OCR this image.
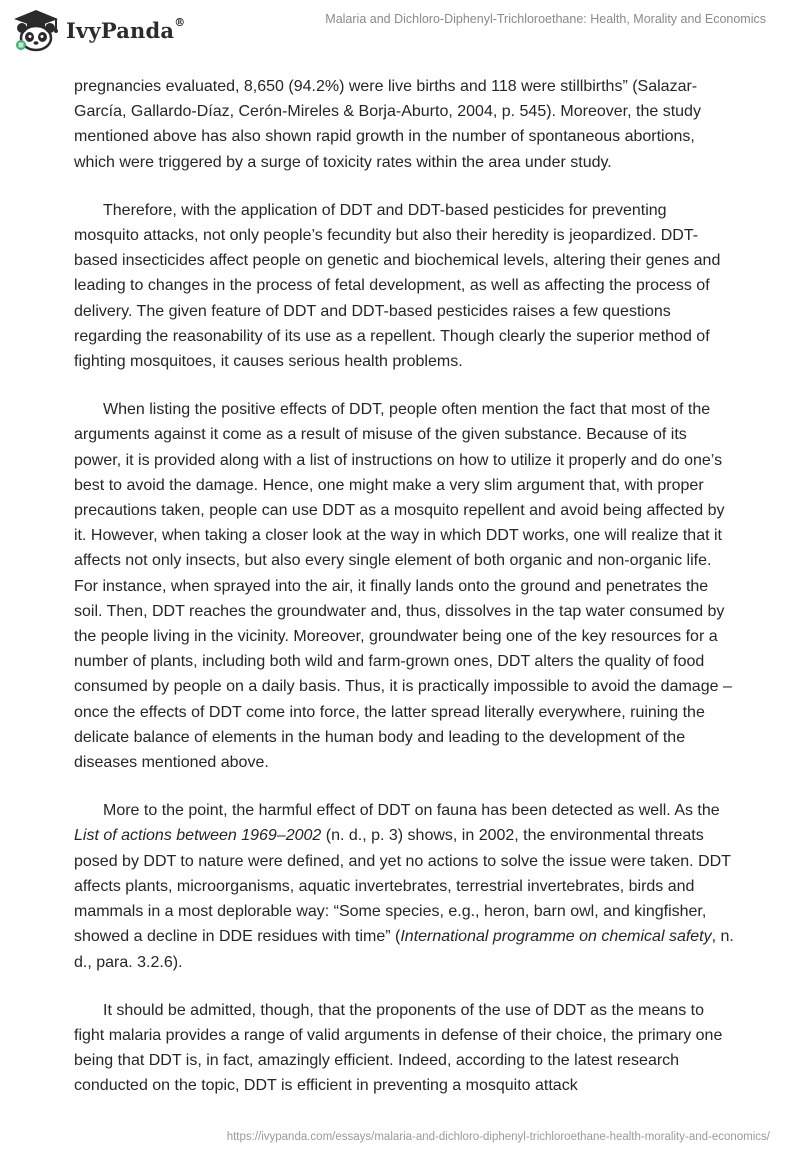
IvyPanda®	Malaria and Dichloro-Diphenyl-Trichloroethane: Health, Morality and Economics

pregnancies evaluated, 8,650 (94.2%) were live births and 118 were stillbirths” (Salazar-García, Gallardo-Díaz, Cerón-Mireles & Borja-Aburto, 2004, p. 545). Moreover, the study mentioned above has also shown rapid growth in the number of spontaneous abortions, which were triggered by a surge of toxicity rates within the area under study.

Therefore, with the application of DDT and DDT-based pesticides for preventing mosquito attacks, not only people’s fecundity but also their heredity is jeopardized. DDT-based insecticides affect people on genetic and biochemical levels, altering their genes and leading to changes in the process of fetal development, as well as affecting the process of delivery. The given feature of DDT and DDT-based pesticides raises a few questions regarding the reasonability of its use as a repellent. Though clearly the superior method of fighting mosquitoes, it causes serious health problems.

When listing the positive effects of DDT, people often mention the fact that most of the arguments against it come as a result of misuse of the given substance. Because of its power, it is provided along with a list of instructions on how to utilize it properly and do one’s best to avoid the damage. Hence, one might make a very slim argument that, with proper precautions taken, people can use DDT as a mosquito repellent and avoid being affected by it. However, when taking a closer look at the way in which DDT works, one will realize that it affects not only insects, but also every single element of both organic and non-organic life. For instance, when sprayed into the air, it finally lands onto the ground and penetrates the soil. Then, DDT reaches the groundwater and, thus, dissolves in the tap water consumed by the people living in the vicinity. Moreover, groundwater being one of the key resources for a number of plants, including both wild and farm-grown ones, DDT alters the quality of food consumed by people on a daily basis. Thus, it is practically impossible to avoid the damage – once the effects of DDT come into force, the latter spread literally everywhere, ruining the delicate balance of elements in the human body and leading to the development of the diseases mentioned above.

More to the point, the harmful effect of DDT on fauna has been detected as well. As the List of actions between 1969–2002 (n. d., p. 3) shows, in 2002, the environmental threats posed by DDT to nature were defined, and yet no actions to solve the issue were taken. DDT affects plants, microorganisms, aquatic invertebrates, terrestrial invertebrates, birds and mammals in a most deplorable way: “Some species, e.g., heron, barn owl, and kingfisher, showed a decline in DDE residues with time” (International programme on chemical safety, n. d., para. 3.2.6).

It should be admitted, though, that the proponents of the use of DDT as the means to fight malaria provides a range of valid arguments in defense of their choice, the primary one being that DDT is, in fact, amazingly efficient. Indeed, according to the latest research conducted on the topic, DDT is efficient in preventing a mosquito attack

https://ivypanda.com/essays/malaria-and-dichloro-diphenyl-trichloroethane-health-morality-and-economics/
